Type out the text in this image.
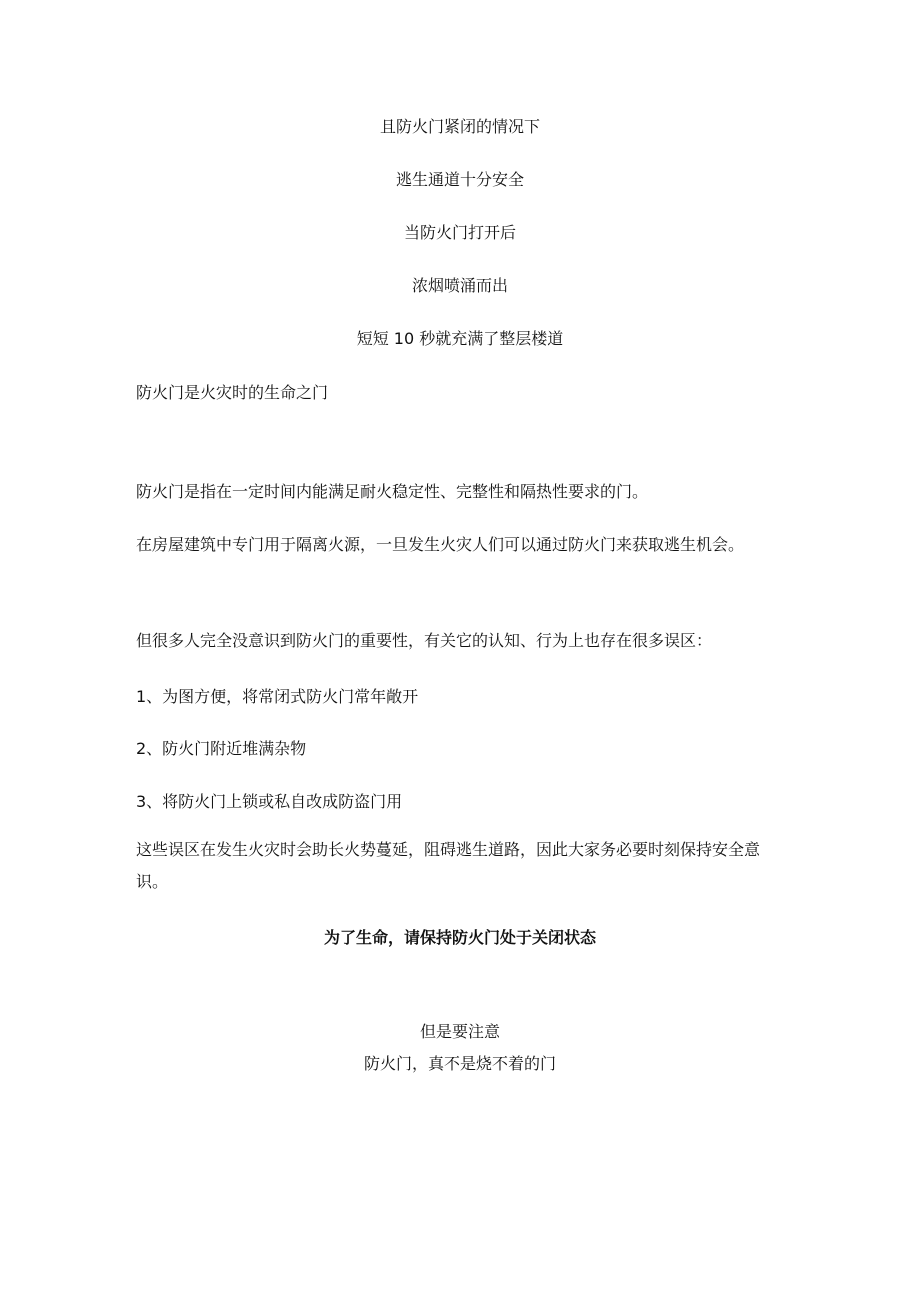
且防火门紧闭的情况下

逃生通道十分安全

当防火门打开后

浓烟喷涌而出

短短 10 秒就充满了整层楼道

防火门是火灾时的生命之门

防火门是指在一定时间内能满足耐火稳定性、完整性和隔热性要求的门。

在房屋建筑中专门用于隔离火源，一旦发生火灾人们可以通过防火门来获取逃生机会。

但很多人完全没意识到防火门的重要性，有关它的认知、行为上也存在很多误区：

1、为图方便，将常闭式防火门常年敞开

2、防火门附近堆满杂物

3、将防火门上锁或私自改成防盗门用

这些误区在发生火灾时会助长火势蔓延，阻碍逃生道路，因此大家务必要时刻保持安全意识。

为了生命，请保持防火门处于关闭状态

但是要注意

防火门，真不是烧不着的门
